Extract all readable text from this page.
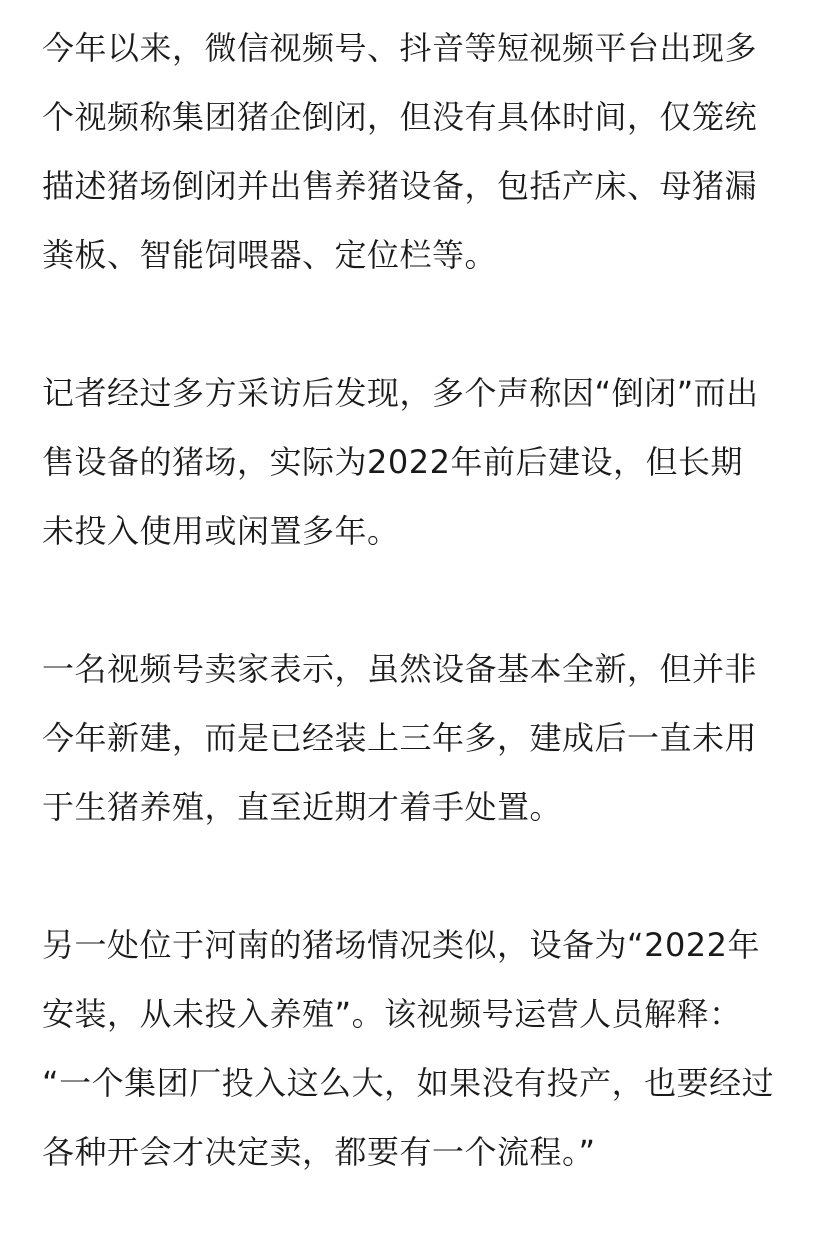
今年以来，微信视频号、抖音等短视频平台出现多
个视频称集团猪企倒闭，但没有具体时间，仅笼统
描述猪场倒闭并出售养猪设备，包括产床、母猪漏
粪板、智能饲喂器、定位栏等。

记者经过多方采访后发现，多个声称因“倒闭”而出
售设备的猪场，实际为2022年前后建设，但长期
未投入使用或闲置多年。

一名视频号卖家表示，虽然设备基本全新，但并非
今年新建，而是已经装上三年多，建成后一直未用
于生猪养殖，直至近期才着手处置。

另一处位于河南的猪场情况类似，设备为“2022年
安装，从未投入养殖”。该视频号运营人员解释：
“一个集团厂投入这么大，如果没有投产，也要经过
各种开会才决定卖，都要有一个流程。”
